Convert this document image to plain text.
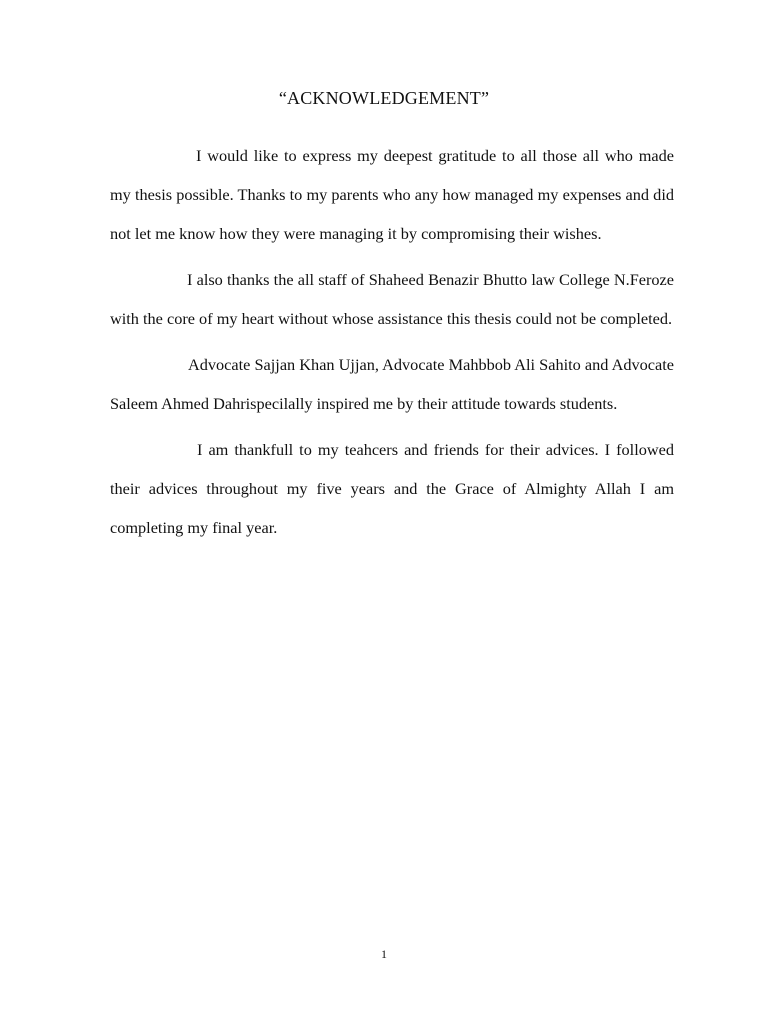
“ACKNOWLEDGEMENT”

I would like to express my deepest gratitude to all those all who made my thesis possible. Thanks to my parents who any how managed my expenses and did not let me know how they were managing it by compromising their wishes.

I also thanks the all staff of Shaheed Benazir Bhutto law College N.Feroze with the core of my heart without whose assistance this thesis could not be completed.

Advocate Sajjan Khan Ujjan, Advocate Mahbbob Ali Sahito and Advocate Saleem Ahmed Dahrispecilally inspired me by their attitude towards students.

I am thankfull to my teahcers and friends for their advices. I followed their advices throughout my five years and the Grace of Almighty Allah I am completing my final year.

1
